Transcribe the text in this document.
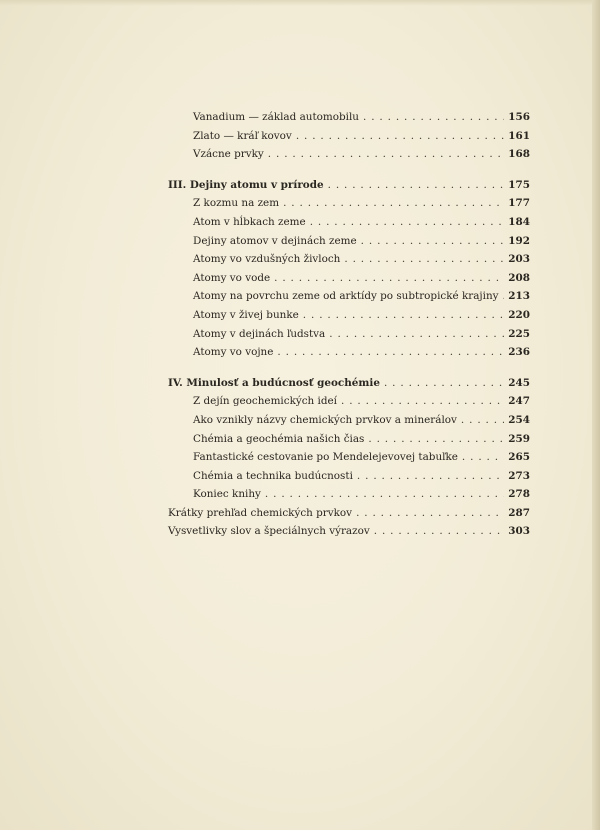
Vanadium — základ automobilu . . .	156
Zlato — kráľ kovov . . .	161
Vzácne prvky . . .	168
III. Dejiny atomu v prírode . . .	175
Z kozmu na zem . . .	177
Atom v hĺbkach zeme . . .	184
Dejiny atomov v dejinách zeme . . .	192
Atomy vo vzdušných živloch . . .	203
Atomy vo vode . . .	208
Atomy na povrchu zeme od arktídy po subtropické krajiny . . . 213
Atomy v živej bunke . . .	220
Atomy v dejinách ľudstva . . .	225
Atomy vo vojne . . .	236
IV. Minulosť a budúcnosť geochémie . . .	245
Z dejín geochemických ideí . . .	247
Ako vznikly názvy chemických prvkov a minerálov . . .	254
Chémia a geochémia našich čias . . .	259
Fantastické cestovanie po Mendelejevovej tabuľke . . .	265
Chémia a technika budúcnosti . . .	273
Koniec knihy . . .	278
Krátky prehľad chemických prvkov . . .	287
Vysvetlivky slov a špeciálnych výrazov . . .	303
